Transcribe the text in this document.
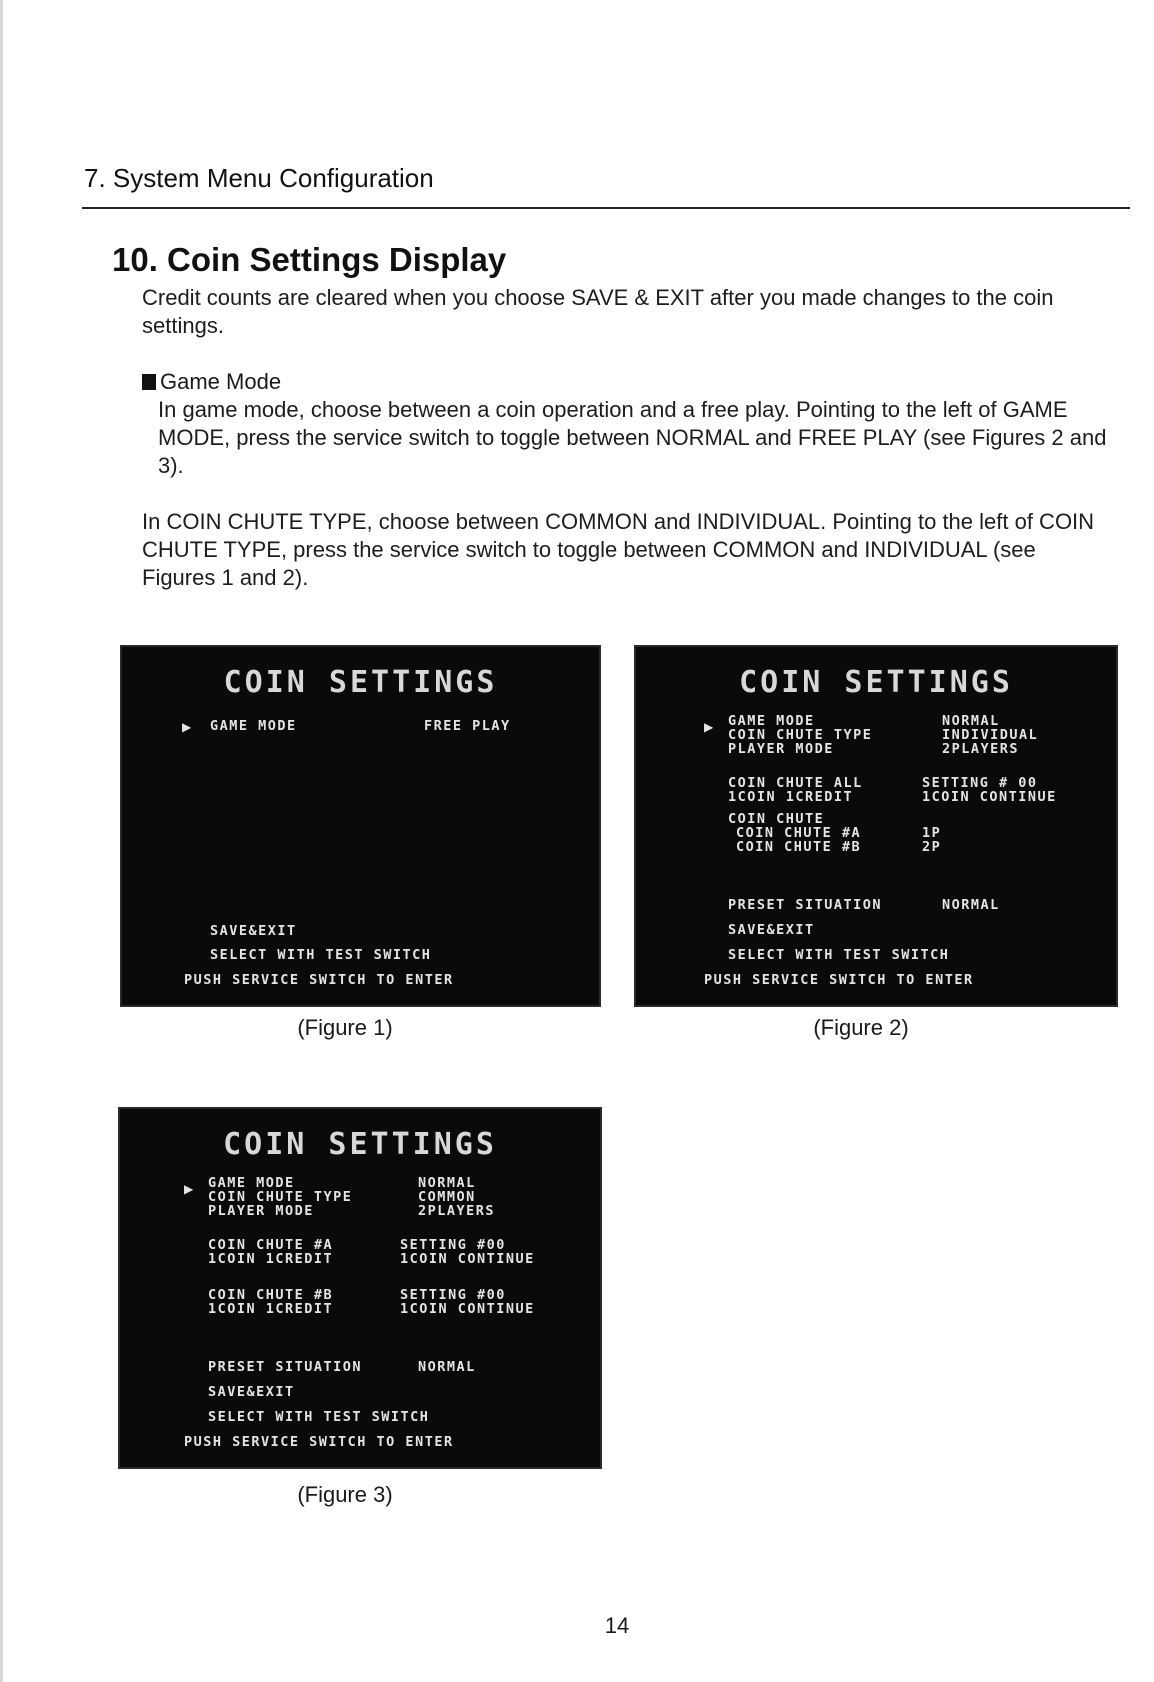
7. System Menu Configuration
10. Coin Settings Display
Credit counts are cleared when you choose SAVE & EXIT after you made changes to the coin settings.
Game Mode
In game mode, choose between a coin operation and a free play. Pointing to the left of GAME MODE, press the service switch to toggle between NORMAL and FREE PLAY (see Figures 2 and 3).
In COIN CHUTE TYPE, choose between COMMON and INDIVIDUAL. Pointing to the left of COIN CHUTE TYPE, press the service switch to toggle between COMMON and INDIVIDUAL (see Figures 1 and 2).
COIN SETTINGS
▶ GAME MODE	FREE PLAY
SAVE&EXIT
SELECT WITH TEST SWITCH
PUSH SERVICE SWITCH TO ENTER
(Figure 1)
COIN SETTINGS
▶ GAME MODE	NORMAL
COIN CHUTE TYPE	INDIVIDUAL
PLAYER MODE	2PLAYERS
COIN CHUTE ALL	SETTING # 00
1COIN 1CREDIT	1COIN CONTINUE
COIN CHUTE
COIN CHUTE #A	1P
COIN CHUTE #B	2P
PRESET SITUATION	NORMAL
SAVE&EXIT
SELECT WITH TEST SWITCH
PUSH SERVICE SWITCH TO ENTER
(Figure 2)
COIN SETTINGS
▶ GAME MODE	NORMAL
COIN CHUTE TYPE	COMMON
PLAYER MODE	2PLAYERS
COIN CHUTE #A	SETTING #00
1COIN 1CREDIT	1COIN CONTINUE
COIN CHUTE #B	SETTING #00
1COIN 1CREDIT	1COIN CONTINUE
PRESET SITUATION	NORMAL
SAVE&EXIT
SELECT WITH TEST SWITCH
PUSH SERVICE SWITCH TO ENTER
(Figure 3)
14
